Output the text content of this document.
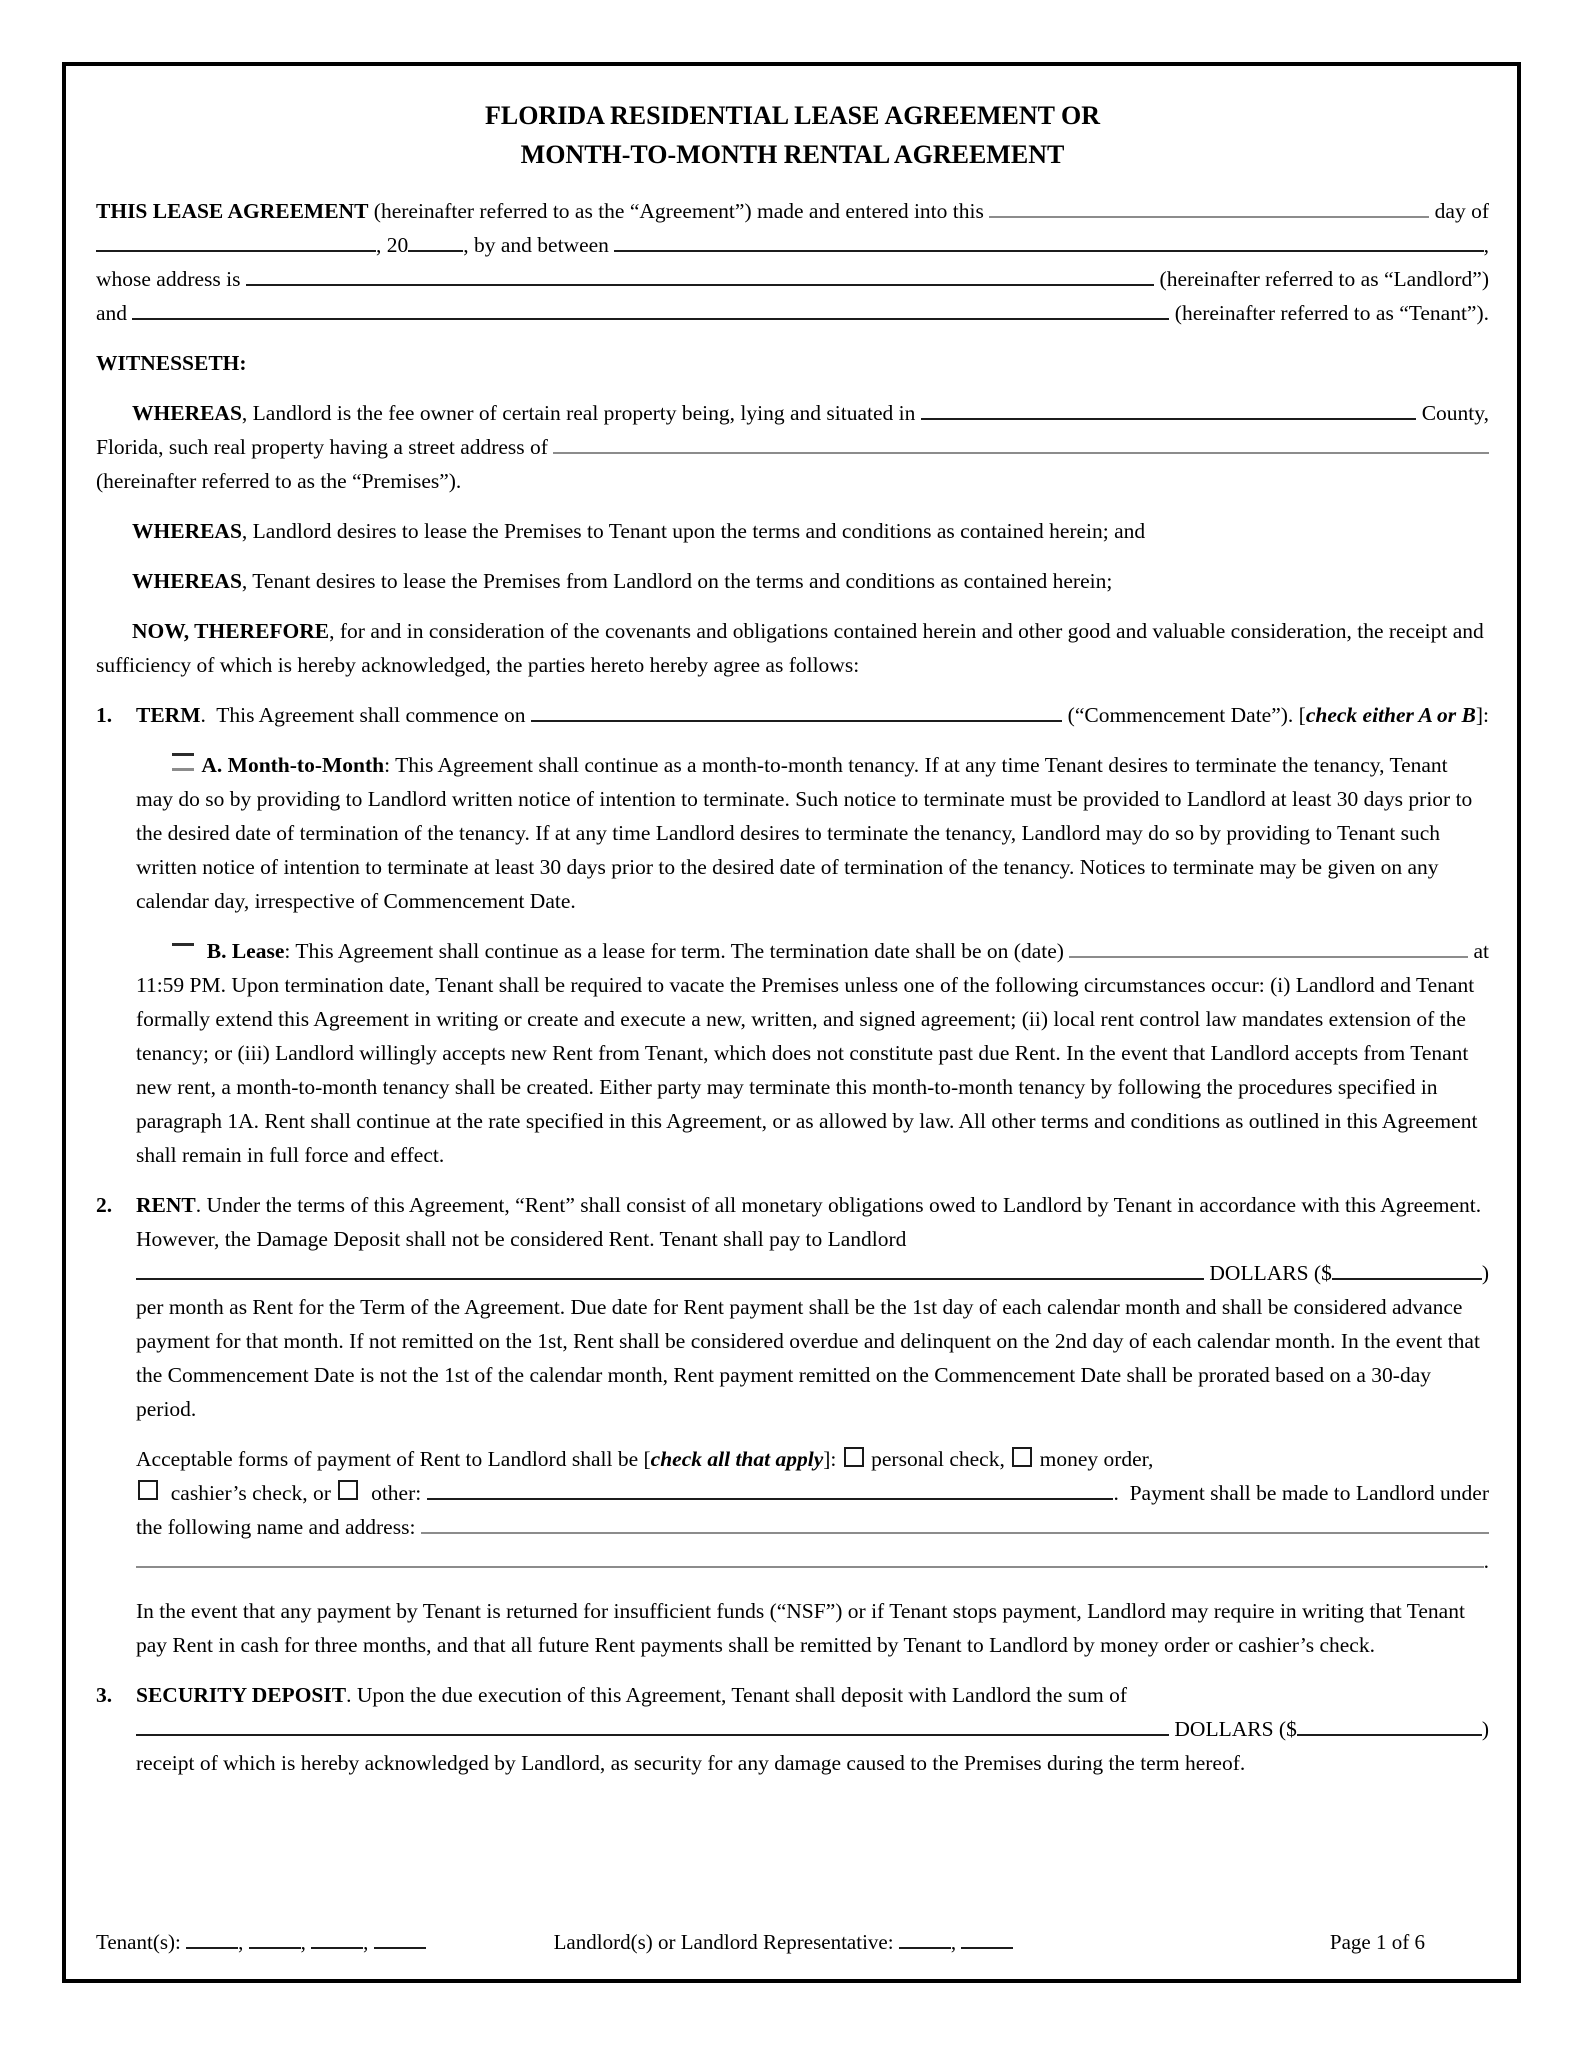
FLORIDA RESIDENTIAL LEASE AGREEMENT OR
MONTH-TO-MONTH RENTAL AGREEMENT
THIS LEASE AGREEMENT (hereinafter referred to as the “Agreement”) made and entered into this	day of
, 20	, by and between	,
whose address is	(hereinafter referred to as “Landlord”)
and	(hereinafter referred to as “Tenant”).
WITNESSETH:
WHEREAS , Landlord is the fee owner of certain real property being, lying and situated in	County,
Florida, such real property having a street address of
(hereinafter referred to as the “Premises”).
WHEREAS, Landlord desires to lease the Premises to Tenant upon the terms and conditions as contained herein; and
WHEREAS, Tenant desires to lease the Premises from Landlord on the terms and conditions as contained herein;
NOW, THEREFORE, for and in consideration of the covenants and obligations contained herein and other good and valuable consideration, the receipt and sufficiency of which is hereby acknowledged, the parties hereto hereby agree as follows:
1.	TERM .  This Agreement shall commence on	(“Commencement Date”). [ check either A or B ]:
A. Month-to-Month: This Agreement shall continue as a month-to-month tenancy. If at any time Tenant desires to terminate the tenancy, Tenant may do so by providing to Landlord written notice of intention to terminate. Such notice to terminate must be provided to Landlord at least 30 days prior to the desired date of termination of the tenancy. If at any time Landlord desires to terminate the tenancy, Landlord may do so by providing to Tenant such written notice of intention to terminate at least 30 days prior to the desired date of termination of the tenancy. Notices to terminate may be given on any calendar day, irrespective of Commencement Date.

B. Lease : This Agreement shall continue as a lease for term. The termination date shall be on (date)	at
11:59 PM. Upon termination date, Tenant shall be required to vacate the Premises unless one of the following circumstances occur: (i) Landlord and Tenant formally extend this Agreement in writing or create and execute a new, written, and signed agreement; (ii) local rent control law mandates extension of the tenancy; or (iii) Landlord willingly accepts new Rent from Tenant, which does not constitute past due Rent. In the event that Landlord accepts from Tenant new rent, a month-to-month tenancy shall be created. Either party may terminate this month-to-month tenancy by following the procedures specified in paragraph 1A. Rent shall continue at the rate specified in this Agreement, or as allowed by law. All other terms and conditions as outlined in this Agreement shall remain in full force and effect.
2.	RENT. Under the terms of this Agreement, “Rent” shall consist of all monetary obligations owed to Landlord by Tenant in accordance with this Agreement. However, the Damage Deposit shall not be considered Rent. Tenant shall pay to Landlord
DOLLARS ($	)
per month as Rent for the Term of the Agreement. Due date for Rent payment shall be the 1st day of each calendar month and shall be considered advance payment for that month. If not remitted on the 1st, Rent shall be considered overdue and delinquent on the 2nd day of each calendar month. In the event that the Commencement Date is not the 1st of the calendar month, Rent payment remitted on the Commencement Date shall be prorated based on a 30-day period.
Acceptable forms of payment of Rent to Landlord shall be [check all that apply]:  personal check,  money order,
cashier’s check, or other:	.  Payment shall be made to Landlord under
the following name and address:
.
In the event that any payment by Tenant is returned for insufficient funds (“NSF”) or if Tenant stops payment, Landlord may require in writing that Tenant pay Rent in cash for three months, and that all future Rent payments shall be remitted by Tenant to Landlord by money order or cashier’s check.
3.	SECURITY DEPOSIT. Upon the due execution of this Agreement, Tenant shall deposit with Landlord the sum of
DOLLARS ($	)
receipt of which is hereby acknowledged by Landlord, as security for any damage caused to the Premises during the term hereof.
Tenant(s): , , ,	Landlord(s) or Landlord Representative: ,	Page 1 of 6
